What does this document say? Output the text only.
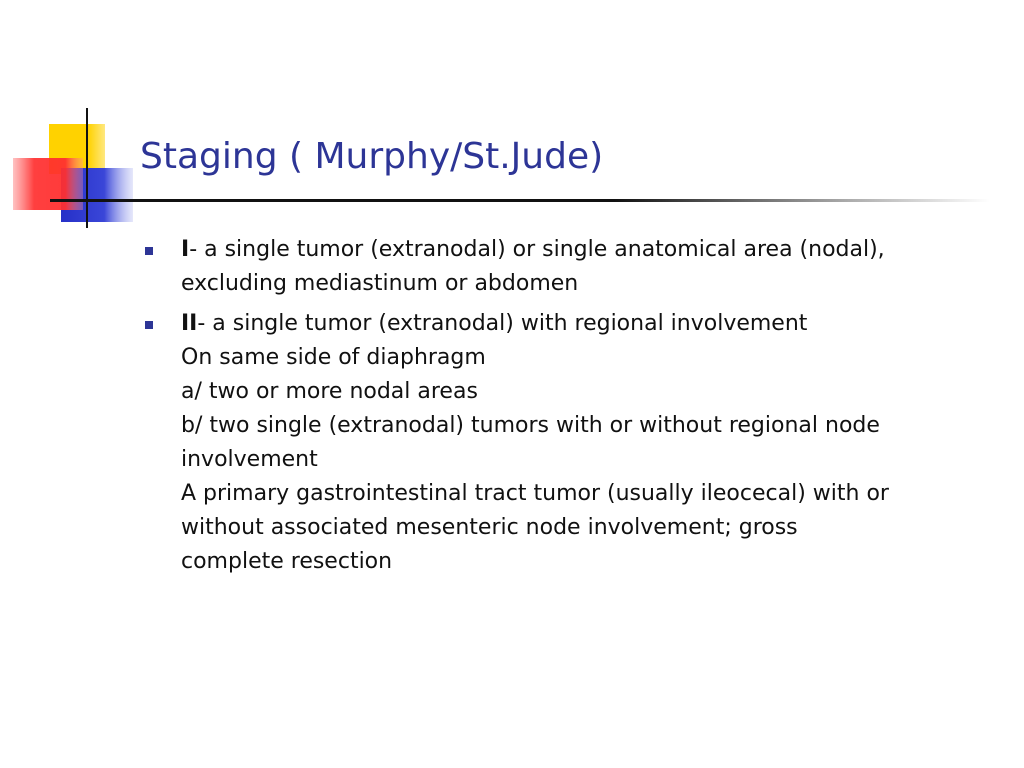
Staging ( Murphy/St.Jude)
I- a single tumor (extranodal) or single anatomical area (nodal),
excluding mediastinum or abdomen
II- a single tumor (extranodal) with regional involvement
On same side of diaphragm
a/ two or more nodal areas
b/ two single (extranodal) tumors with or without regional node
involvement
A primary gastrointestinal tract tumor (usually ileocecal) with or
without associated mesenteric node involvement; gross
complete resection
